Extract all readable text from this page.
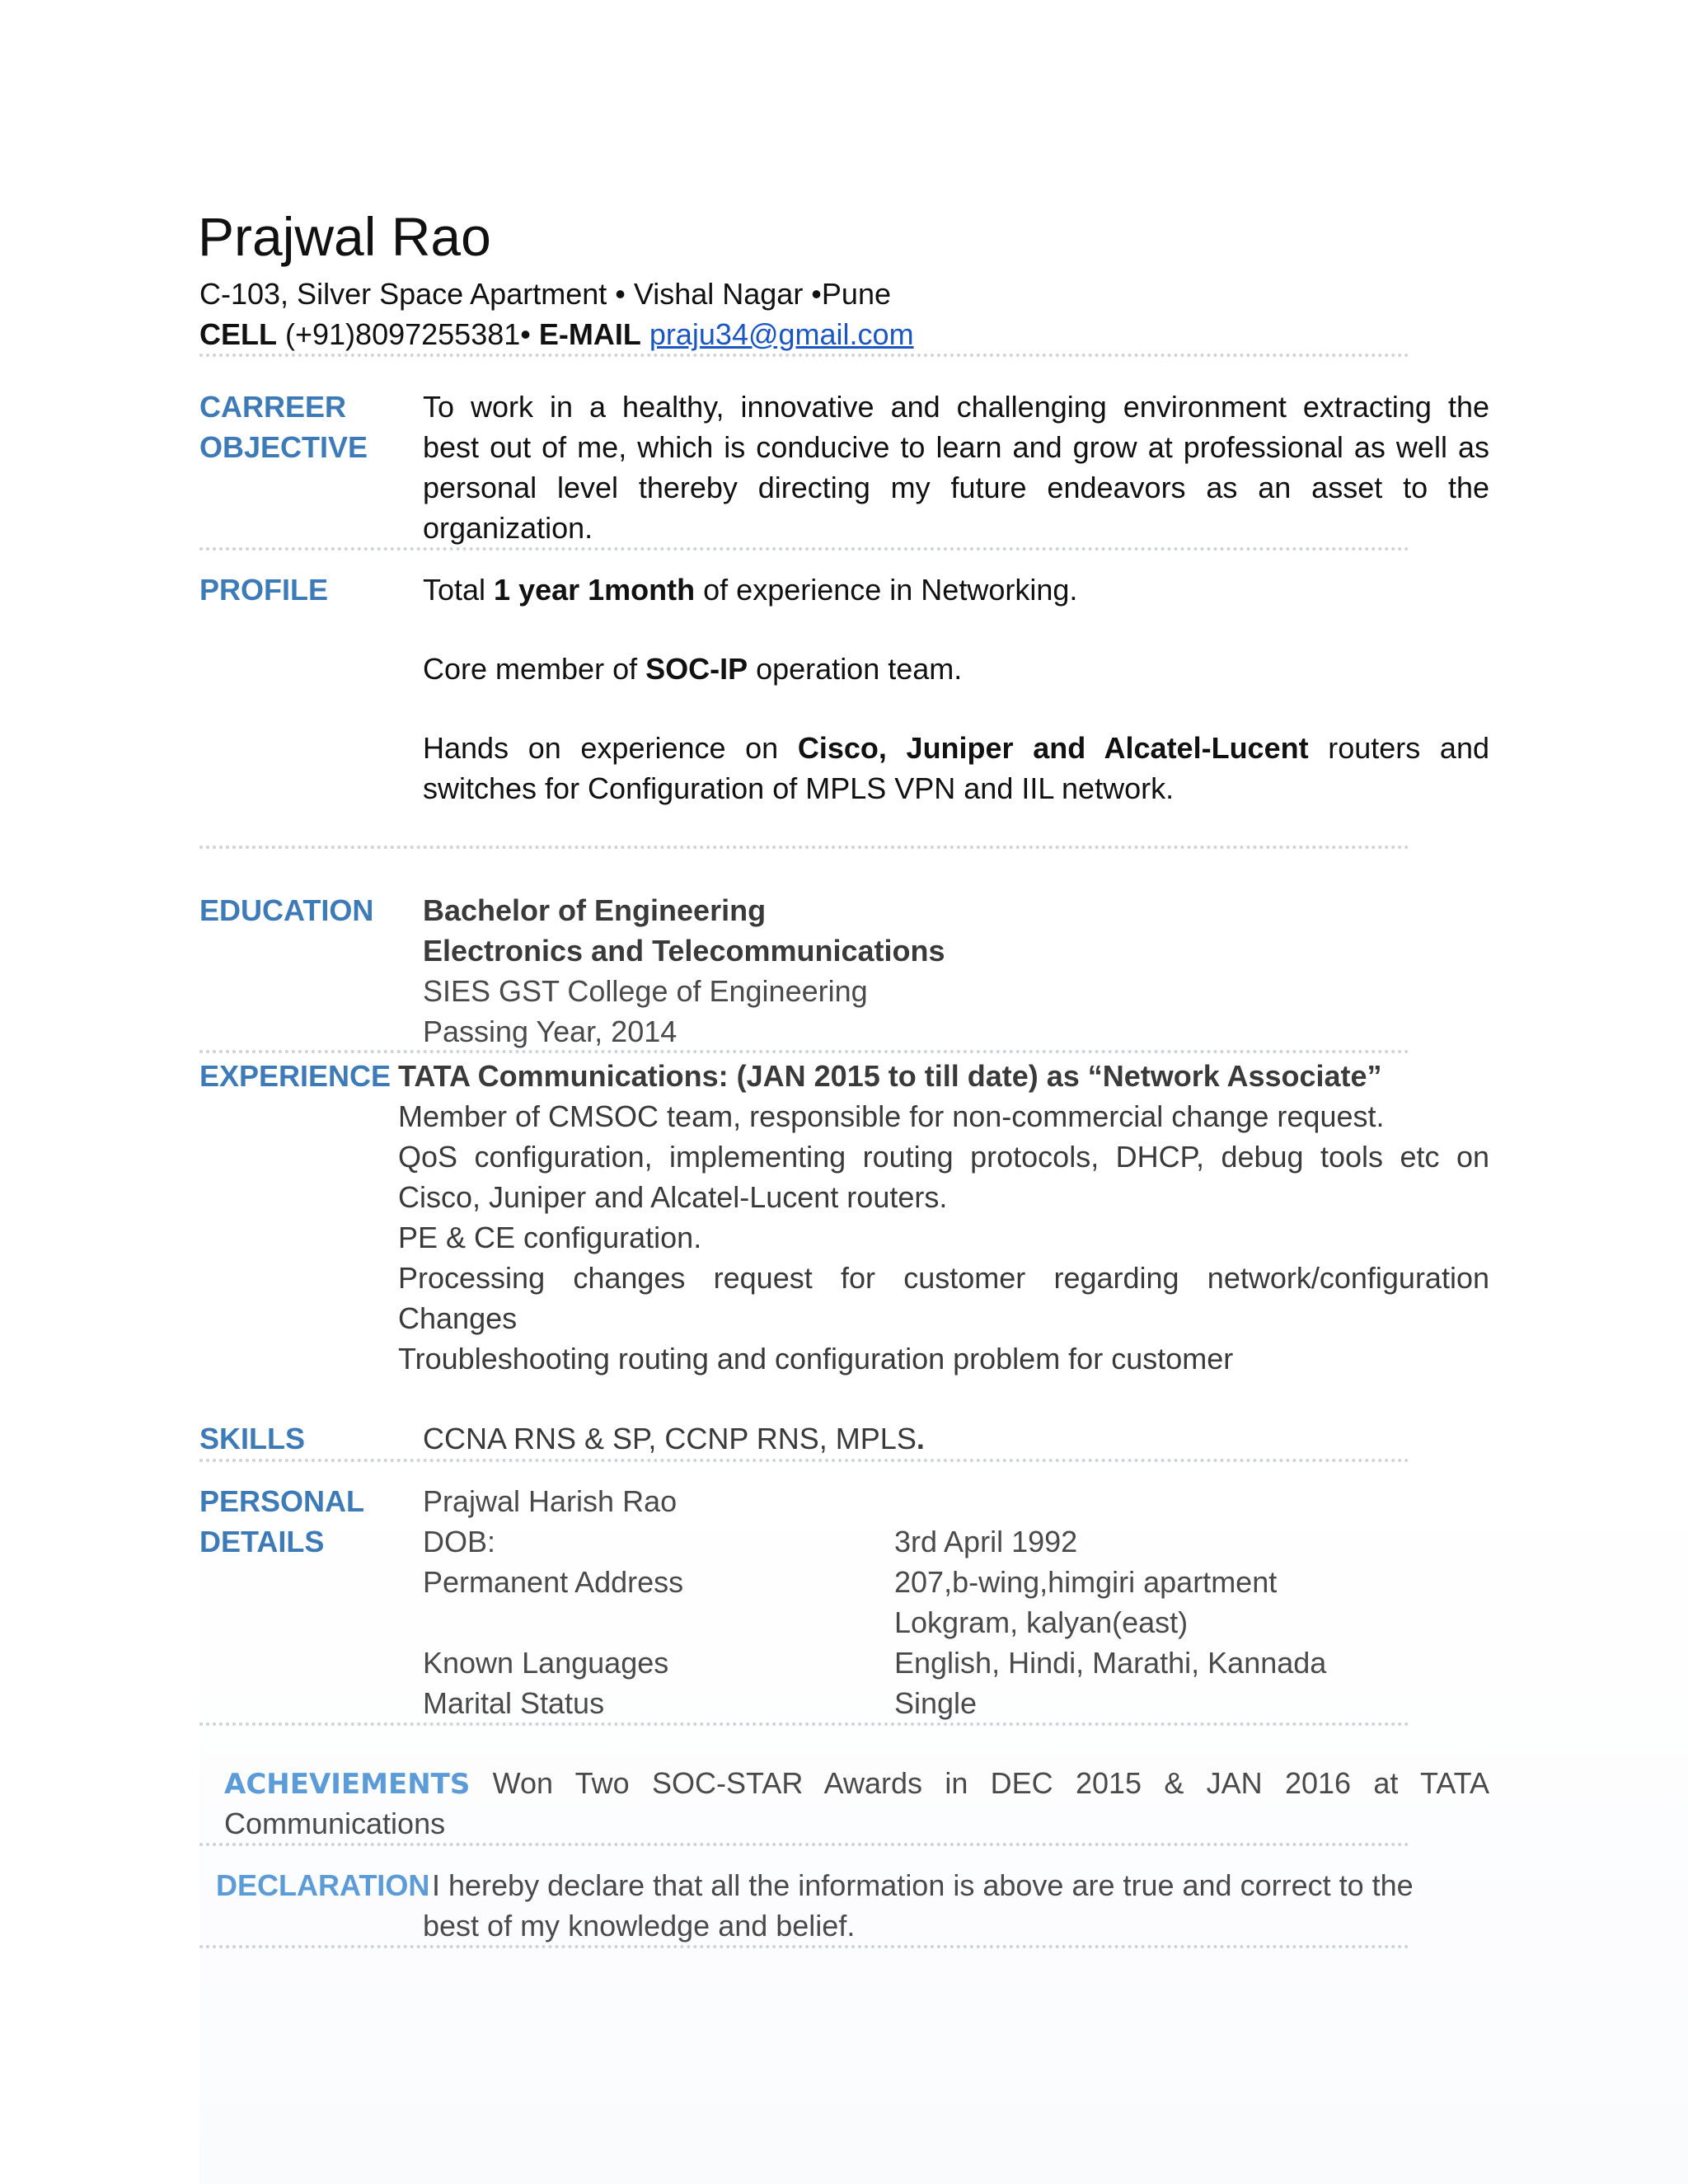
Prajwal Rao
C-103, Silver Space Apartment • Vishal Nagar •Pune
CELL (+91)8097255381• E-MAIL praju34@gmail.com
CARREER
OBJECTIVE
To work in a healthy, innovative and challenging environment extracting the
best out of me, which is conducive to learn and grow at professional as well as
personal level thereby directing my future endeavors as an asset to the
organization.
PROFILE	Total 1 year 1month of experience in Networking.
Core member of SOC-IP operation team.
Hands on experience on Cisco, Juniper and Alcatel-Lucent routers and
switches for Configuration of MPLS VPN and IIL network.
EDUCATION Bachelor of Engineering
Electronics and Telecommunications
SIES GST College of Engineering
Passing Year, 2014
EXPERIENCE TATA Communications: (JAN 2015 to till date) as “Network Associate”
Member of CMSOC team, responsible for non-commercial change request.
QoS configuration, implementing routing protocols, DHCP, debug tools etc on
Cisco, Juniper and Alcatel-Lucent routers.
PE & CE configuration.
Processing changes request for customer regarding network/configuration
Changes
Troubleshooting routing and configuration problem for customer
SKILLS	CCNA RNS & SP, CCNP RNS, MPLS.
PERSONAL
DETAILS
Prajwal Harish Rao
DOB:	3rd April 1992
Permanent Address	207,b-wing,himgiri apartment
Lokgram, kalyan(east)
Known Languages	English, Hindi, Marathi, Kannada
Marital Status	Single
ACHEVIEMENTS Won Two SOC-STAR Awards in DEC 2015 & JAN 2016 at TATA
Communications
DECLARATION I hereby declare that all the information is above are true and correct to the
best of my knowledge and belief.
